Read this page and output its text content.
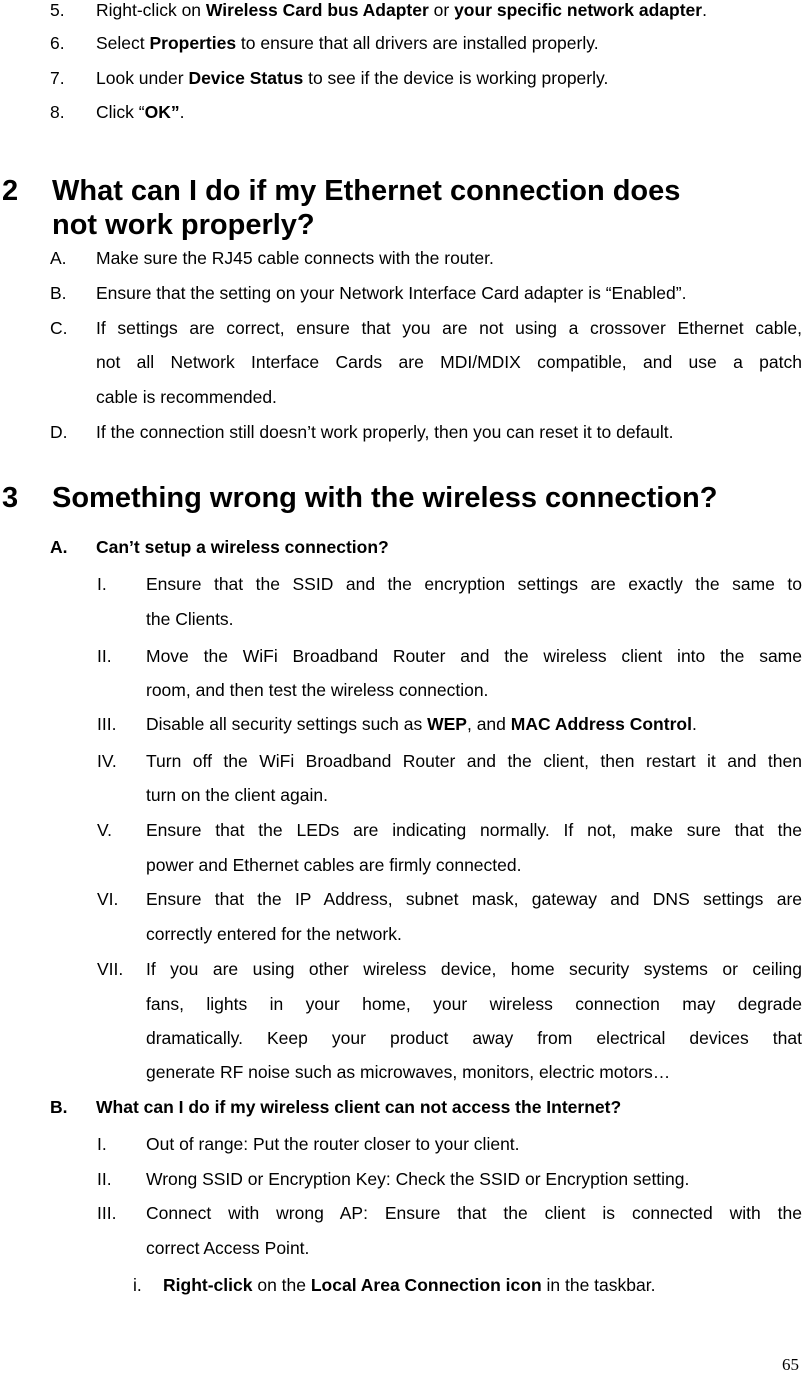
5. Right-click on Wireless Card bus Adapter or your specific network adapter.
6. Select Properties to ensure that all drivers are installed properly.
7. Look under Device Status to see if the device is working properly.
8. Click “OK”.
2 What can I do if my Ethernet connection does
not work properly?
A. Make sure the RJ45 cable connects with the router.
B. Ensure that the setting on your Network Interface Card adapter is “Enabled”.
C. If settings are correct, ensure that you are not using a crossover Ethernet cable,
not all Network Interface Cards are MDI/MDIX compatible, and use a patch
cable is recommended.
D. If the connection still doesn’t work properly, then you can reset it to default.
3 Something wrong with the wireless connection?
A. Can’t setup a wireless connection?
I. Ensure that the SSID and the encryption settings are exactly the same to
the Clients.
II. Move the WiFi Broadband Router and the wireless client into the same
room, and then test the wireless connection.
III. Disable all security settings such as WEP, and MAC Address Control.
IV. Turn off the WiFi Broadband Router and the client, then restart it and then
turn on the client again.
V. Ensure that the LEDs are indicating normally. If not, make sure that the
power and Ethernet cables are firmly connected.
VI. Ensure that the IP Address, subnet mask, gateway and DNS settings are
correctly entered for the network.
VII. If you are using other wireless device, home security systems or ceiling
fans, lights in your home, your wireless connection may degrade
dramatically. Keep your product away from electrical devices that
generate RF noise such as microwaves, monitors, electric motors…
B. What can I do if my wireless client can not access the Internet?
I. Out of range: Put the router closer to your client.
II. Wrong SSID or Encryption Key: Check the SSID or Encryption setting.
III. Connect with wrong AP: Ensure that the client is connected with the
correct Access Point.
i. Right-click on the Local Area Connection icon in the taskbar.
65
